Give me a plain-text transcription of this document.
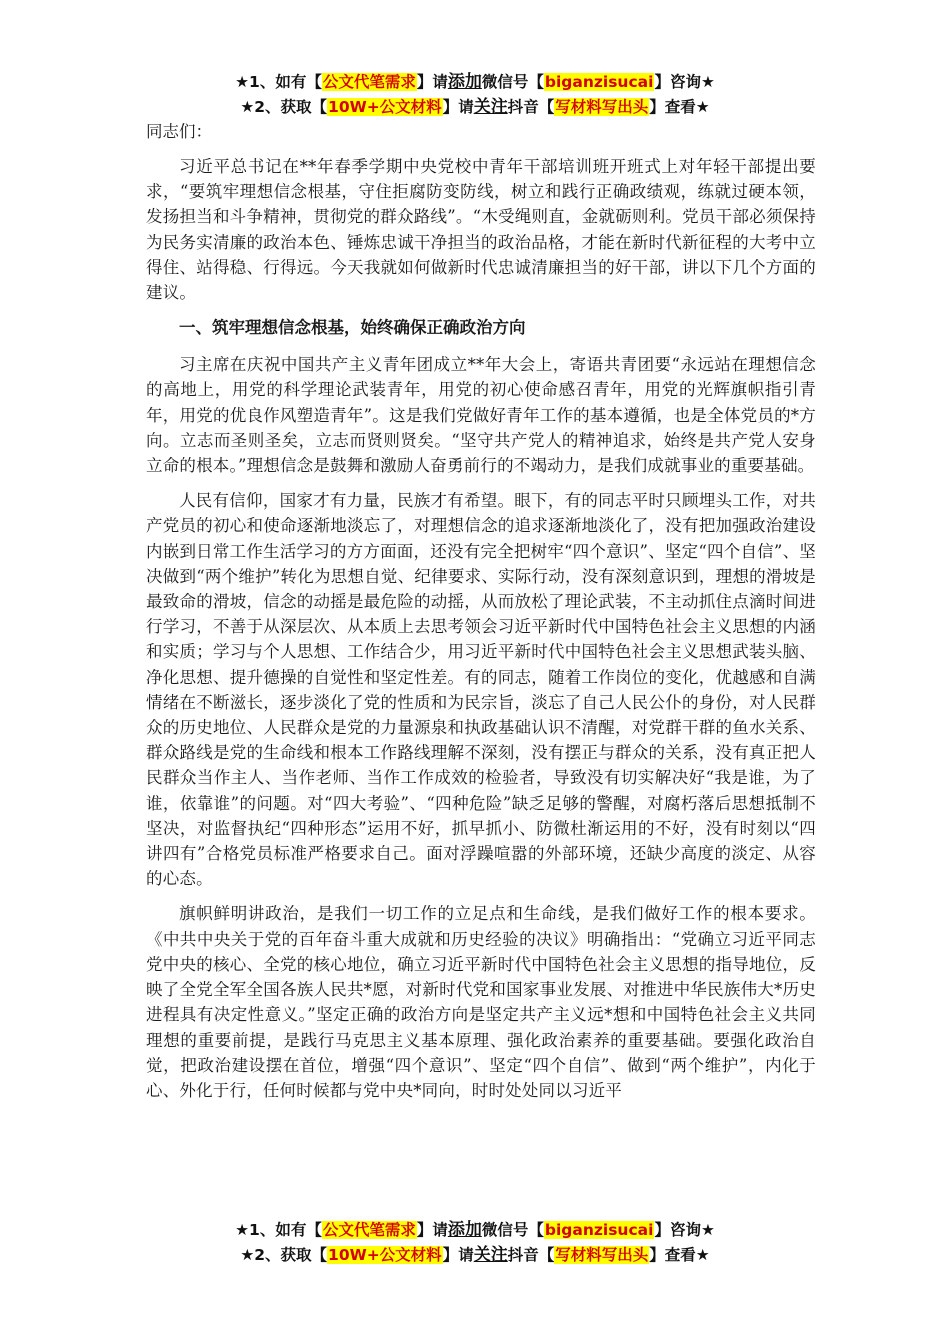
★1、如有【公文代笔需求】请添加微信号【biganzisucai】咨询★
★2、获取【10W+公文材料】请关注抖音【写材料写出头】查看★

同志们：

习近平总书记在**年春季学期中央党校中青年干部培训班开班式上对年轻干部提出要求，“要筑牢理想信念根基，守住拒腐防变防线，树立和践行正确政绩观，练就过硬本领，发扬担当和斗争精神，贯彻党的群众路线”。“木受绳则直，金就砺则利。党员干部必须保持为民务实清廉的政治本色、锤炼忠诚干净担当的政治品格，才能在新时代新征程的大考中立得住、站得稳、行得远。今天我就如何做新时代忠诚清廉担当的好干部，讲以下几个方面的建议。

一、筑牢理想信念根基，始终确保正确政治方向

习主席在庆祝中国共产主义青年团成立**年大会上，寄语共青团要“永远站在理想信念的高地上，用党的科学理论武装青年，用党的初心使命感召青年，用党的光辉旗帜指引青年，用党的优良作风塑造青年”。这是我们党做好青年工作的基本遵循，也是全体党员的*方向。立志而圣则圣矣，立志而贤则贤矣。“坚守共产党人的精神追求，始终是共产党人安身立命的根本。”理想信念是鼓舞和激励人奋勇前行的不竭动力，是我们成就事业的重要基础。

人民有信仰，国家才有力量，民族才有希望。眼下，有的同志平时只顾埋头工作，对共产党员的初心和使命逐渐地淡忘了，对理想信念的追求逐渐地淡化了，没有把加强政治建设内嵌到日常工作生活学习的方方面面，还没有完全把树牢“四个意识”、坚定“四个自信”、坚决做到“两个维护”转化为思想自觉、纪律要求、实际行动，没有深刻意识到，理想的滑坡是最致命的滑坡，信念的动摇是最危险的动摇，从而放松了理论武装，不主动抓住点滴时间进行学习，不善于从深层次、从本质上去思考领会习近平新时代中国特色社会主义思想的内涵和实质；学习与个人思想、工作结合少，用习近平新时代中国特色社会主义思想武装头脑、净化思想、提升德操的自觉性和坚定性差。有的同志，随着工作岗位的变化，优越感和自满情绪在不断滋长，逐步淡化了党的性质和为民宗旨，淡忘了自己人民公仆的身份，对人民群众的历史地位、人民群众是党的力量源泉和执政基础认识不清醒，对党群干群的鱼水关系、群众路线是党的生命线和根本工作路线理解不深刻，没有摆正与群众的关系，没有真正把人民群众当作主人、当作老师、当作工作成效的检验者，导致没有切实解决好“我是谁，为了谁，依靠谁”的问题。对“四大考验”、“四种危险”缺乏足够的警醒，对腐朽落后思想抵制不坚决，对监督执纪“四种形态”运用不好，抓早抓小、防微杜渐运用的不好，没有时刻以“四讲四有”合格党员标准严格要求自己。面对浮躁喧嚣的外部环境，还缺少高度的淡定、从容的心态。

旗帜鲜明讲政治，是我们一切工作的立足点和生命线，是我们做好工作的根本要求。《中共中央关于党的百年奋斗重大成就和历史经验的决议》明确指出：“党确立习近平同志党中央的核心、全党的核心地位，确立习近平新时代中国特色社会主义思想的指导地位，反映了全党全军全国各族人民共*愿，对新时代党和国家事业发展、对推进中华民族伟大*历史进程具有决定性意义。”坚定正确的政治方向是坚定共产主义远*想和中国特色社会主义共同理想的重要前提，是践行马克思主义基本原理、强化政治素养的重要基础。要强化政治自觉，把政治建设摆在首位，增强“四个意识”、坚定“四个自信”、做到“两个维护”，内化于心、外化于行，任何时候都与党中央*同向，时时处处同以习近平

★1、如有【公文代笔需求】请添加微信号【biganzisucai】咨询★
★2、获取【10W+公文材料】请关注抖音【写材料写出头】查看★
